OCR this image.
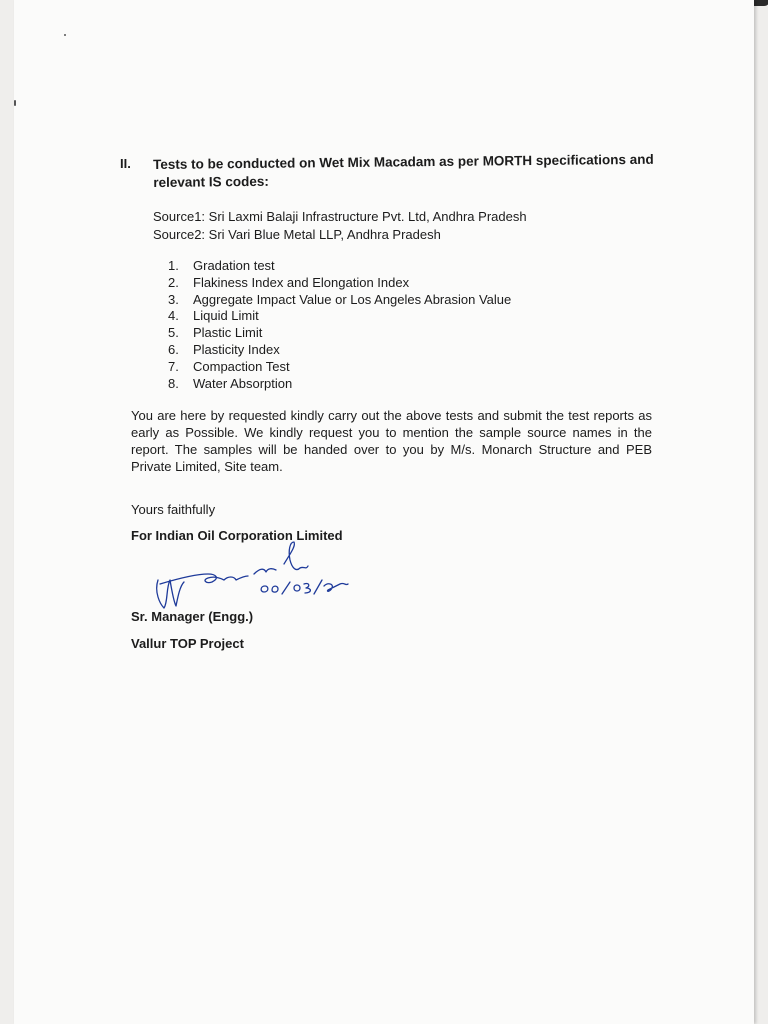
II. Tests to be conducted on Wet Mix Macadam as per MORTH specifications and relevant IS codes:
Source1: Sri Laxmi Balaji Infrastructure Pvt. Ltd, Andhra Pradesh
Source2: Sri Vari Blue Metal LLP, Andhra Pradesh
1.	Gradation test
2.	Flakiness Index and Elongation Index
3.	Aggregate Impact Value or Los Angeles Abrasion Value
4.	Liquid Limit
5.	Plastic Limit
6.	Plasticity Index
7.	Compaction Test
8.	Water Absorption
You are here by requested kindly carry out the above tests and submit the test reports as early as Possible. We kindly request you to mention the sample source names in the report. The samples will be handed over to you by M/s. Monarch Structure and PEB Private Limited, Site team.
Yours faithfully
For Indian Oil Corporation Limited
Sr. Manager (Engg.)
Vallur TOP Project
